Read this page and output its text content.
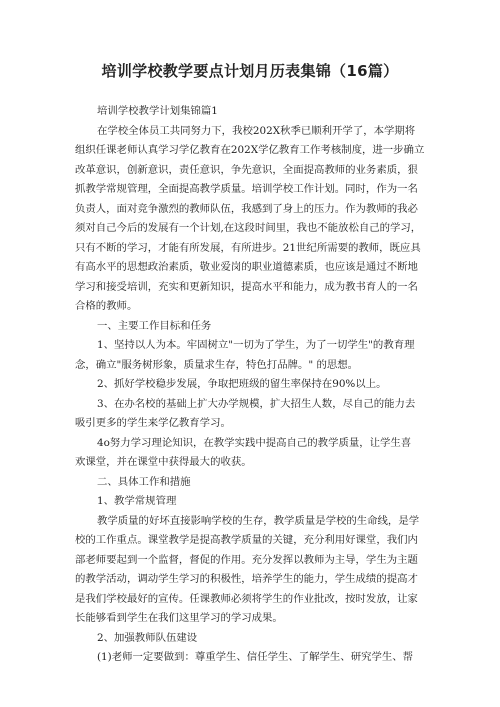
培训学校教学要点计划月历表集锦（16篇）
培训学校教学计划集锦篇1
在学校全体员工共同努力下，我校202X秋季已顺利开学了，本学期将
组织任课老师认真学习学亿教育在202X学亿教育工作考核制度，进一步确立
改革意识，创新意识，责任意识，争先意识，全面提高教师的业务素质，狠
抓教学常规管理，全面提高教学质量。培训学校工作计划。同时，作为一名
负责人，面对竞争激烈的教师队伍，我感到了身上的压力。作为教师的我必
须对自己今后的发展有一个计划,在这段时间里，我也不能放松自己的学习，
只有不断的学习，才能有所发展，有所进步。21世纪所需要的教师，既应具
有高水平的思想政治素质，敬业爱岗的职业道德素质，也应该是通过不断地
学习和接受培训，充实和更新知识，提高水平和能力，成为教书育人的一名
合格的教师。
一、主要工作目标和任务
1、坚持以人为本。牢固树立"一切为了学生，为了一切学生"的教育理
念，确立"服务树形象，质量求生存，特色打品牌。" 的思想。
2、抓好学校稳步发展，争取把班级的留生率保持在90%以上。
3、在办名校的基础上扩大办学规模，扩大招生人数，尽自己的能力去
吸引更多的学生来学亿教育学习。
4o努力学习理论知识，在教学实践中提高自己的教学质量，让学生喜
欢课堂，并在课堂中获得最大的收获。
二、具体工作和措施
1、教学常规管理
教学质量的好坏直接影响学校的生存，教学质量是学校的生命线，是学
校的工作重点。课堂教学是提高教学质量的关键，充分利用好课堂，我们内
部老师要起到一个监督，督促的作用。充分发挥以教师为主导，学生为主题
的教学活动，调动学生学习的积极性，培养学生的能力，学生成绩的提高才
是我们学校最好的宣传。任课教师必须将学生的作业批改，按时发放，让家
长能够看到学生在我们这里学习的学习成果。
2、加强教师队伍建设
(1)老师一定要做到：尊重学生、信任学生、了解学生、研究学生、帮
